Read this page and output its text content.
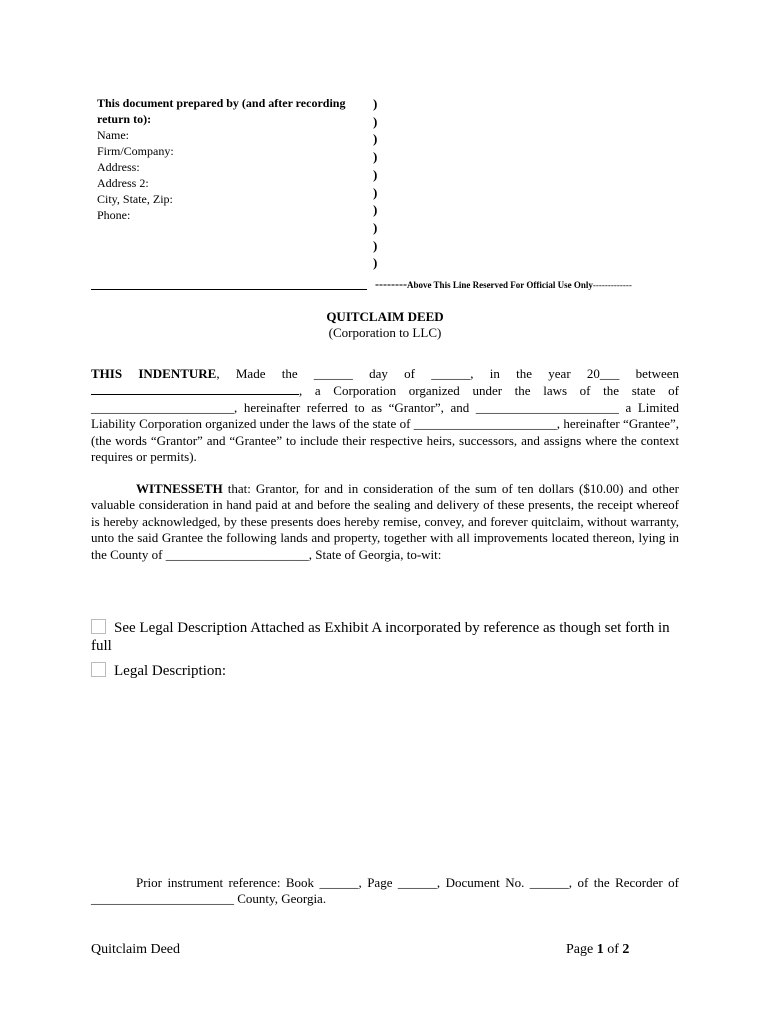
This document prepared by (and after recording return to):
Name:
Firm/Company:
Address:
Address 2:
City, State, Zip:
Phone:
)
)
)
)
)
)
)
)
)
)
--------Above This Line Reserved For Official Use Only-------------
QUITCLAIM DEED
(Corporation to LLC)
THIS INDENTURE, Made the ______ day of ______, in the year 20___ between , a Corporation organized under the laws of the state of ______________________, hereinafter referred to as “Grantor”, and ______________________ a Limited Liability Corporation organized under the laws of the state of ______________________, hereinafter “Grantee”, (the words “Grantor” and “Grantee” to include their respective heirs, successors, and assigns where the context requires or permits).
WITNESSETH that: Grantor, for and in consideration of the sum of ten dollars ($10.00) and other valuable consideration in hand paid at and before the sealing and delivery of these presents, the receipt whereof is hereby acknowledged, by these presents does hereby remise, convey, and forever quitclaim, without warranty, unto the said Grantee the following lands and property, together with all improvements located thereon, lying in the County of ______________________, State of Georgia, to-wit:
See Legal Description Attached as Exhibit A incorporated by reference as though set forth in full
Legal Description:
Prior instrument reference: Book ______, Page ______, Document No. ______, of the Recorder of ______________________ County, Georgia.
Quitclaim Deed	Page 1 of 2
